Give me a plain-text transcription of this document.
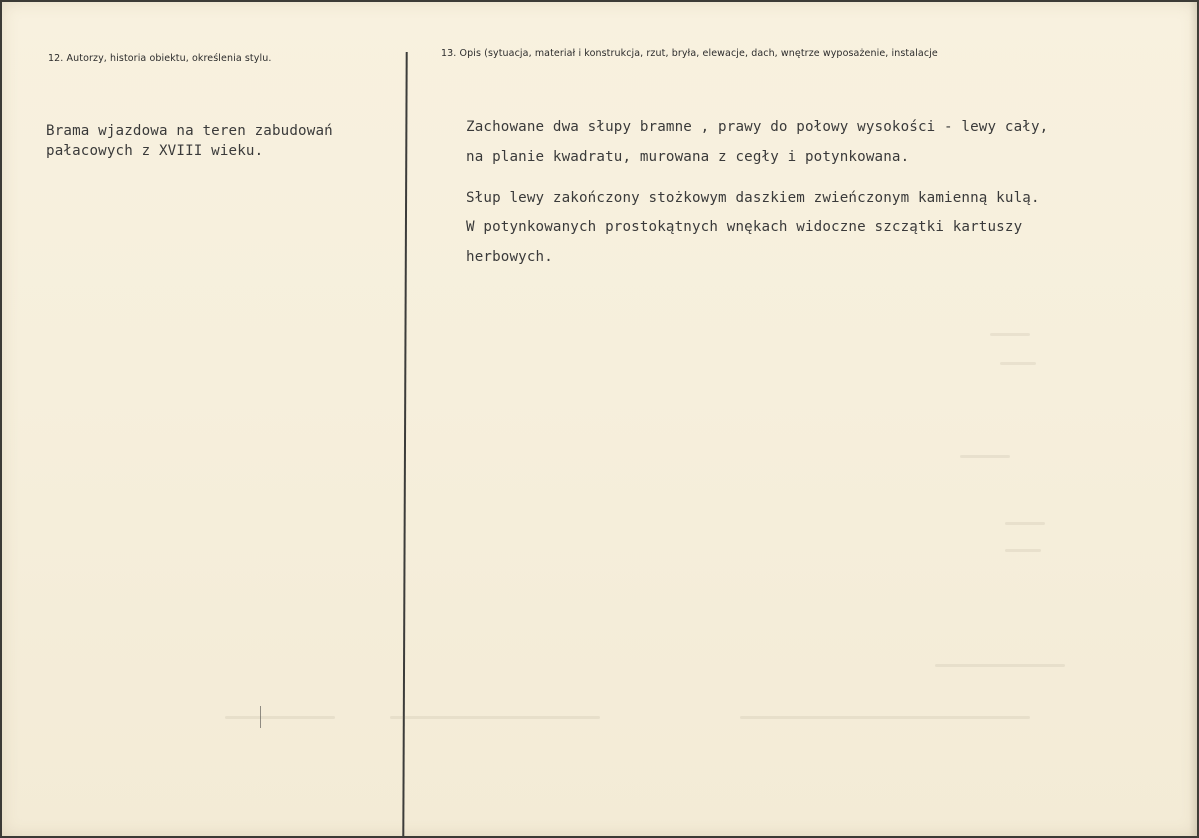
12. Autorzy, historia obiektu, określenia stylu.	13. Opis (sytuacja, materiał i konstrukcja, rzut, bryła, elewacje, dach, wnętrze wyposażenie, instalacje
Brama wjazdowa na teren zabudowań
pałacowych z XVIII wieku.
Zachowane dwa słupy bramne , prawy do połowy wysokości - lewy cały,
na planie kwadratu, murowana z cegły i potynkowana.
Słup lewy zakończony stożkowym daszkiem zwieńczonym kamienną kulą.
W potynkowanych prostokątnych wnękach widoczne szczątki kartuszy
herbowych.
